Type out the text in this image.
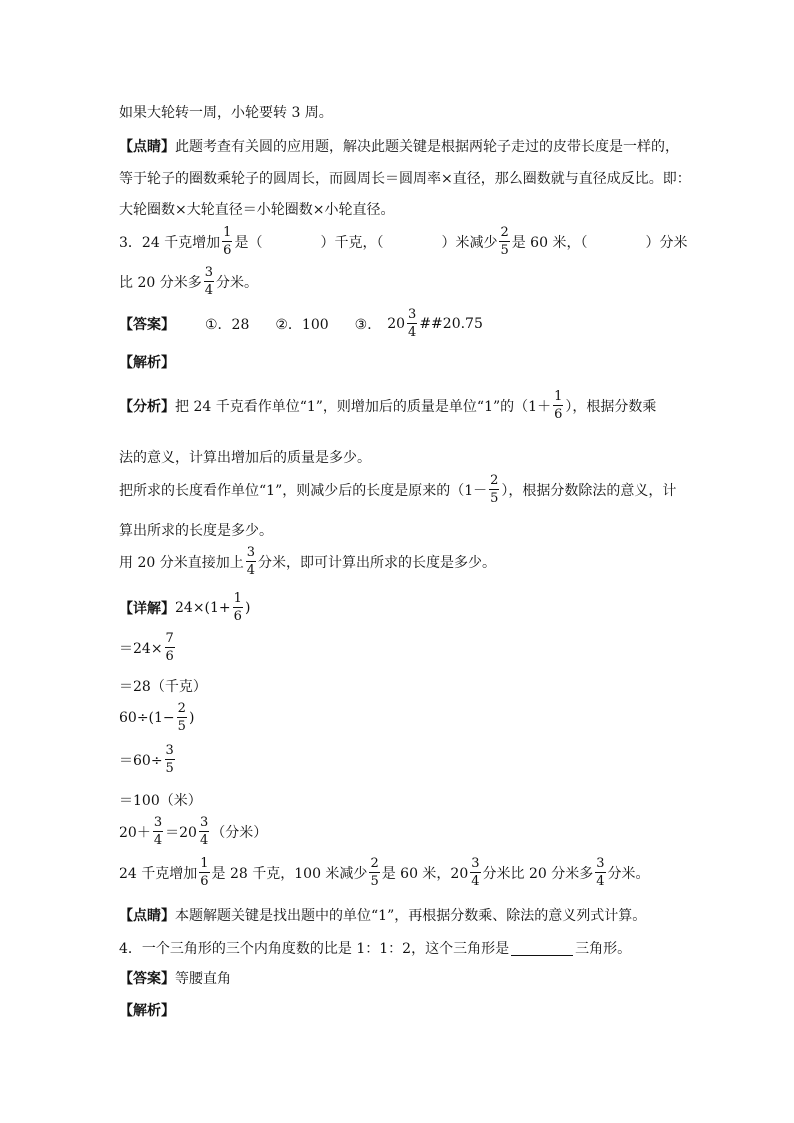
如果大轮转一周，小轮要转 3 周。
【点睛】 此题考查有关圆的应用题，解决此题关键是根据两轮子走过的皮带长度是一样的，
等于轮子的圈数乘轮子的圆周长，而圆周长＝圆周率×直径，那么圈数就与直径成反比。即：
大轮圈数×大轮直径＝小轮圈数×小轮直径。
3．24 千克增加 $\frac{1}{6}$ 是（	）千克，（	）米减少 $\frac{2}{5}$ 是 60 米，（	）分米
比 20 分米多 $\frac{3}{4}$ 分米。
【答案】 ①．28 ②．100 ③． $20 \frac{3}{4}$ ##20.75
【解析】
【分析】 把 24 千克看作单位“1”，则增加后的质量是单位“1”的（$1+ \frac{1}{6}$ ），根据分数乘
法的意义，计算出增加后的质量是多少。
把所求的长度看作单位“1”，则减少后的长度是原来的（$1- \frac{2}{5}$ ），根据分数除法的意义，计
算出所求的长度是多少。
用 20 分米直接加上 $\frac{3}{4}$ 分米，即可计算出所求的长度是多少。
【详解】 $24\times(1+ \frac{1}{6}$ )
$=24\times \frac{7}{6}$
＝28（千克）
$60\div(1- \frac{2}{5}$ )
$=60\div \frac{3}{5}$
＝100（米）
$20+ \frac{3}{4} =20 \frac{3}{4}$ （分米）
24 千克增加 $\frac{1}{6}$ 是 28 千克，100 米减少 $\frac{2}{5}$ 是 60 米，$20 \frac{3}{4}$ 分米比 20 分米多 $\frac{3}{4}$ 分米。
【点睛】 本题解题关键是找出题中的单位“1”，再根据分数乘、除法的意义列式计算。
4．一个三角形的三个内角度数的比是 1：1：2，这个三角形是	三角形。
【答案】 等腰直角
【解析】
